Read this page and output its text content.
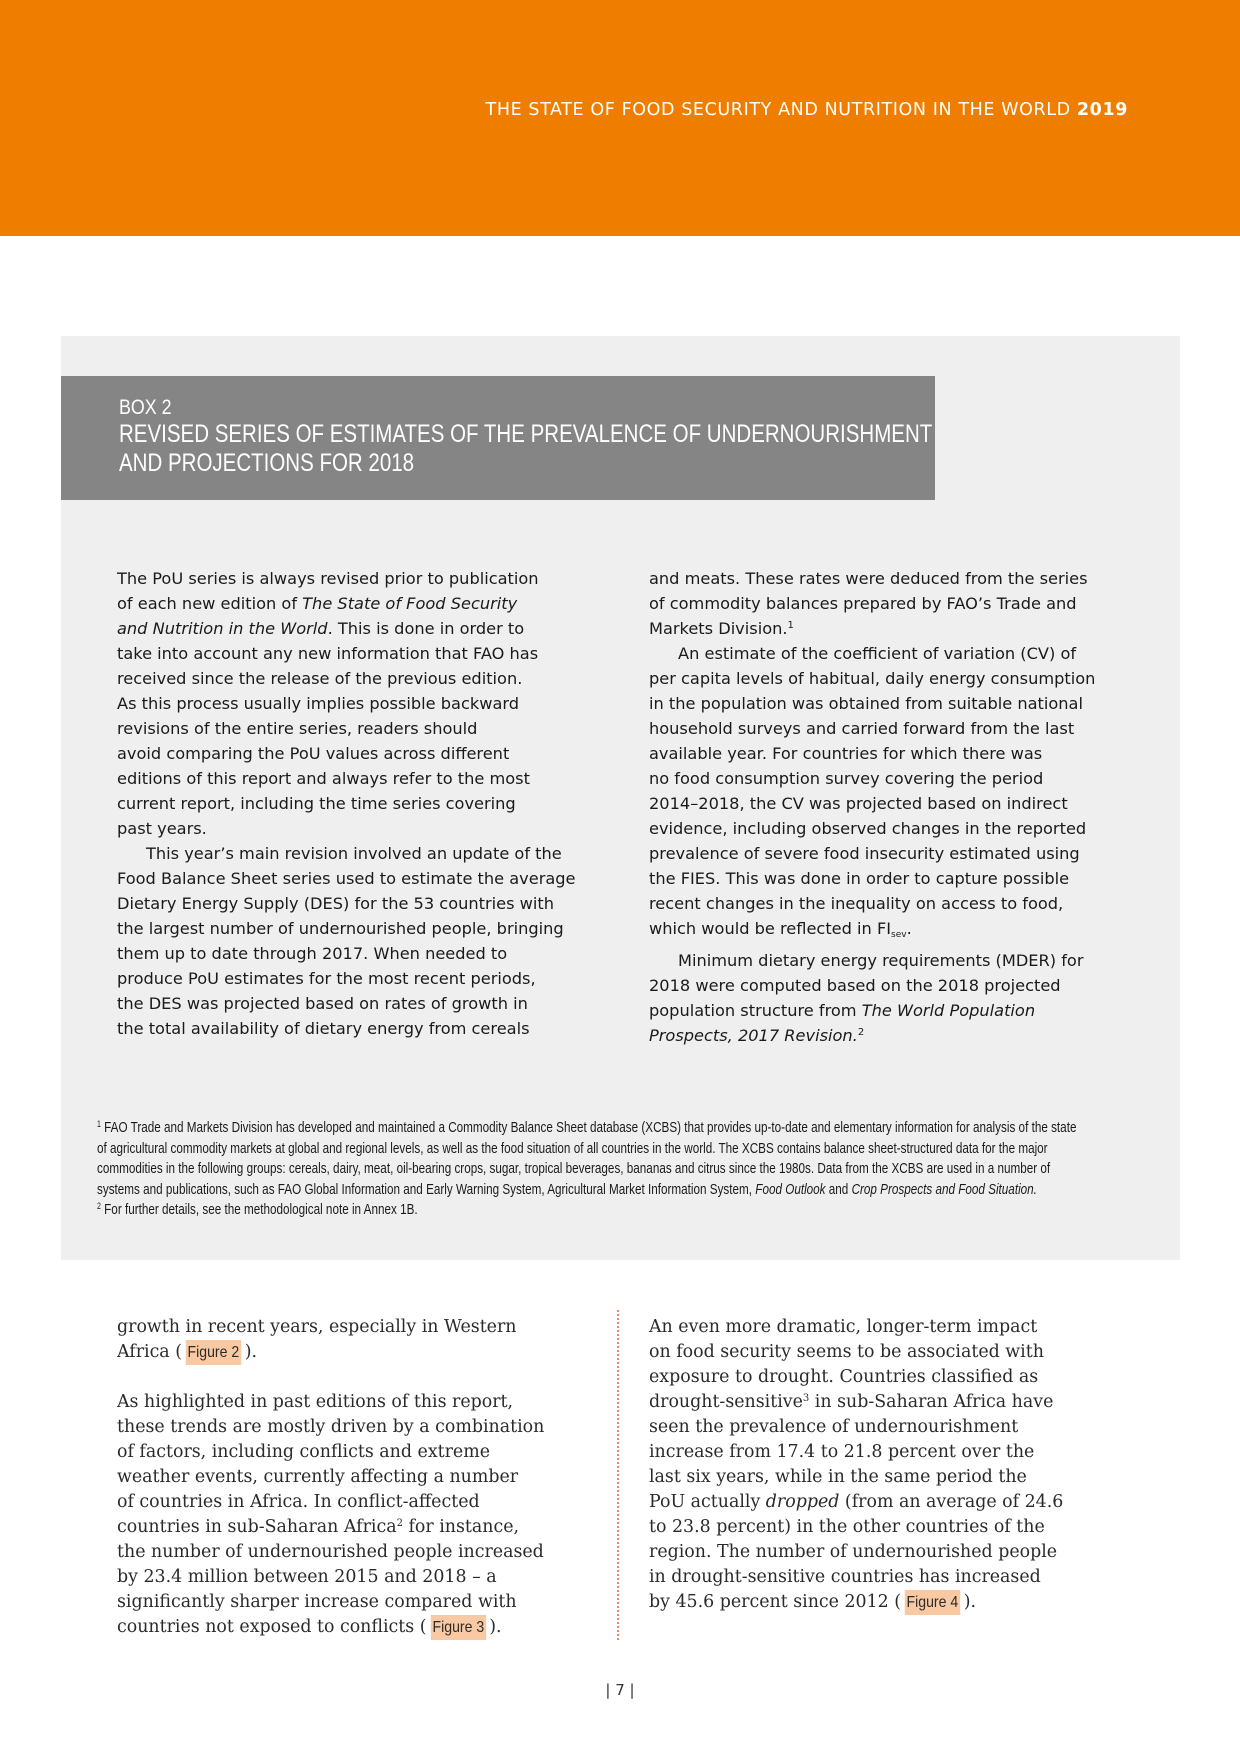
THE STATE OF FOOD SECURITY AND NUTRITION IN THE WORLD 2019
BOX 2
REVISED SERIES OF ESTIMATES OF THE PREVALENCE OF UNDERNOURISHMENT
AND PROJECTIONS FOR 2018
The PoU series is always revised prior to publication
of each new edition of The State of Food Security
and Nutrition in the World. This is done in order to
take into account any new information that FAO has
received since the release of the previous edition.
As this process usually implies possible backward
revisions of the entire series, readers should
avoid comparing the PoU values across different
editions of this report and always refer to the most
current report, including the time series covering
past years.
This year’s main revision involved an update of the
Food Balance Sheet series used to estimate the average
Dietary Energy Supply (DES) for the 53 countries with
the largest number of undernourished people, bringing
them up to date through 2017. When needed to
produce PoU estimates for the most recent periods,
the DES was projected based on rates of growth in
the total availability of dietary energy from cereals
and meats. These rates were deduced from the series
of commodity balances prepared by FAO’s Trade and
Markets Division.$^1$
An estimate of the coefficient of variation (CV) of
per capita levels of habitual, daily energy consumption
in the population was obtained from suitable national
household surveys and carried forward from the last
available year. For countries for which there was
no food consumption survey covering the period
2014–2018, the CV was projected based on indirect
evidence, including observed changes in the reported
prevalence of severe food insecurity estimated using
the FIES. This was done in order to capture possible
recent changes in the inequality on access to food,
which would be reflected in $FI_{sev}$.
Minimum dietary energy requirements (MDER) for
2018 were computed based on the 2018 projected
population structure from The World Population
Prospects, 2017 Revision.$^2$
$^1$ FAO Trade and Markets Division has developed and maintained a Commodity Balance Sheet database (XCBS) that provides up-to-date and elementary information for analysis of the state
of agricultural commodity markets at global and regional levels, as well as the food situation of all countries in the world. The XCBS contains balance sheet-structured data for the major
commodities in the following groups: cereals, dairy, meat, oil-bearing crops, sugar, tropical beverages, bananas and citrus since the 1980s. Data from the XCBS are used in a number of
systems and publications, such as FAO Global Information and Early Warning System, Agricultural Market Information System, Food Outlook and Crop Prospects and Food Situation.
$^2$ For further details, see the methodological note in Annex 1B.
growth in recent years, especially in Western
Africa ( Figure 2 ).
As highlighted in past editions of this report,
these trends are mostly driven by a combination
of factors, including conflicts and extreme
weather events, currently affecting a number
of countries in Africa. In conflict-affected
countries in sub-Saharan Africa$^2$ for instance,
the number of undernourished people increased
by 23.4 million between 2015 and 2018 – a
significantly sharper increase compared with
countries not exposed to conflicts ( Figure 3 ).
An even more dramatic, longer-term impact
on food security seems to be associated with
exposure to drought. Countries classified as
drought-sensitive$^3$ in sub-Saharan Africa have
seen the prevalence of undernourishment
increase from 17.4 to 21.8 percent over the
last six years, while in the same period the
PoU actually dropped (from an average of 24.6
to 23.8 percent) in the other countries of the
region. The number of undernourished people
in drought-sensitive countries has increased
by 45.6 percent since 2012 ( Figure 4 ).
| 7 |
